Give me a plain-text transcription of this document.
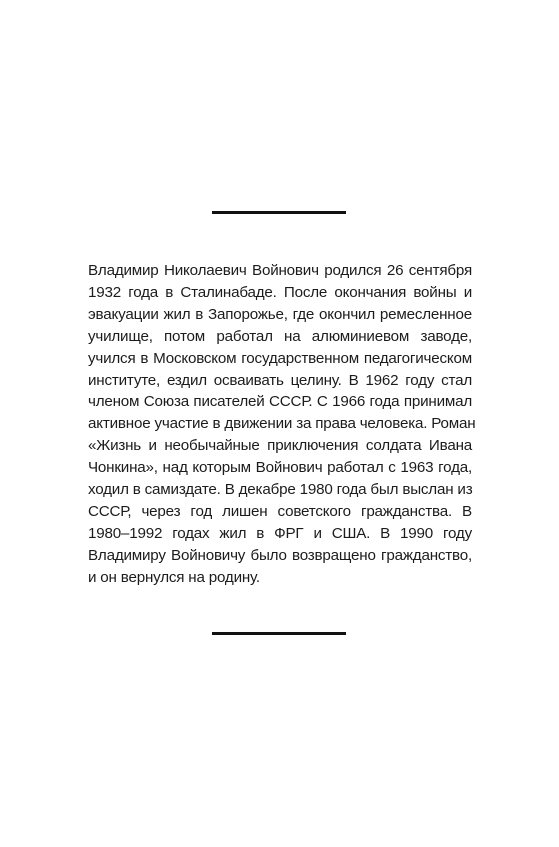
Владимир Николаевич Войнович родился 26 сентября
1932 года в Сталинабаде. После окончания войны и
эвакуации жил в Запорожье, где окончил ремесленное
училище, потом работал на алюминиевом заводе,
учился в Московском государственном педагогическом
институте, ездил осваивать целину. В 1962 году стал
членом Союза писателей СССР. С 1966 года принимал
активное участие в движении за права человека. Роман
«Жизнь и необычайные приключения солдата Ивана
Чонкина», над которым Войнович работал с 1963 года,
ходил в самиздате. В декабре 1980 года был выслан из
СССР, через год лишен советского гражданства. В
1980–1992 годах жил в ФРГ и США. В 1990 году
Владимиру Войновичу было возвращено гражданство,
и он вернулся на родину.
